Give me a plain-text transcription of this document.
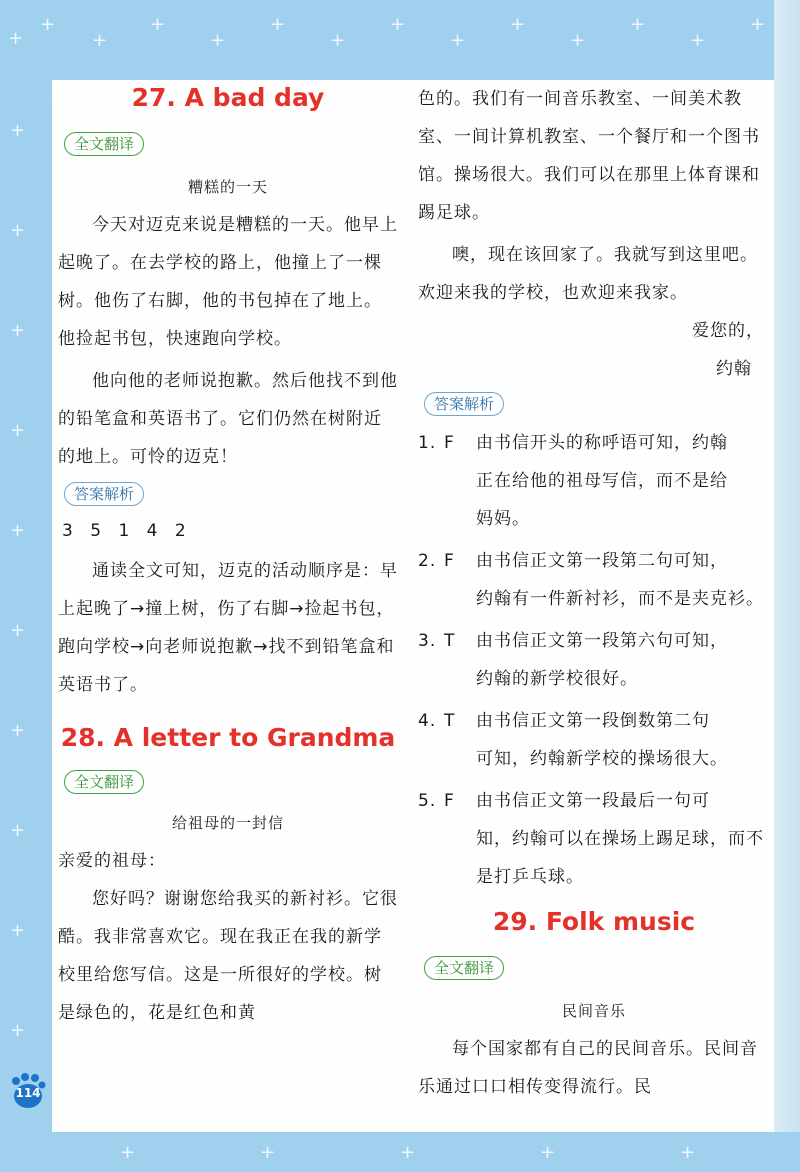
+
+
+
+
+
+
+
+
+
+
+
+
+
+
+
+
+
+
+
+
+
+
+
+
+	+	+	+	+
27. A bad day
全文翻译

糟糕的一天

今天对迈克来说是糟糕的一天。他早上起晚了。在去学校的路上，他撞上了一棵树。他伤了右脚，他的书包掉在了地上。他捡起书包，快速跑向学校。

他向他的老师说抱歉。然后他找不到他的铅笔盒和英语书了。它们仍然在树附近的地上。可怜的迈克！

答案解析

3 5 1 4 2

通读全文可知，迈克的活动顺序是：早上起晚了→撞上树，伤了右脚→捡起书包，跑向学校→向老师说抱歉→找不到铅笔盒和英语书了。

28. A letter to Grandma
全文翻译

给祖母的一封信

亲爱的祖母：

您好吗？谢谢您给我买的新衬衫。它很酷。我非常喜欢它。现在我正在我的新学校里给您写信。这是一所很好的学校。树是绿色的，花是红色和黄

色的。我们有一间音乐教室、一间美术教室、一间计算机教室、一个餐厅和一个图书馆。操场很大。我们可以在那里上体育课和踢足球。

噢，现在该回家了。我就写到这里吧。欢迎来我的学校，也欢迎来我家。

爱您的，

约翰

答案解析
1. F	由书信开头的称呼语可知，约翰
正在给他的祖母写信，而不是给
妈妈。
2. F	由书信正文第一段第二句可知，
约翰有一件新衬衫，而不是夹克衫。
3. T	由书信正文第一段第六句可知，
约翰的新学校很好。
4. T	由书信正文第一段倒数第二句
可知，约翰新学校的操场很大。
5. F	由书信正文第一段最后一句可
知，约翰可以在操场上踢足球，而不
是打乒乓球。
29. Folk music
全文翻译

民间音乐

每个国家都有自己的民间音乐。民间音乐通过口口相传变得流行。民

114
